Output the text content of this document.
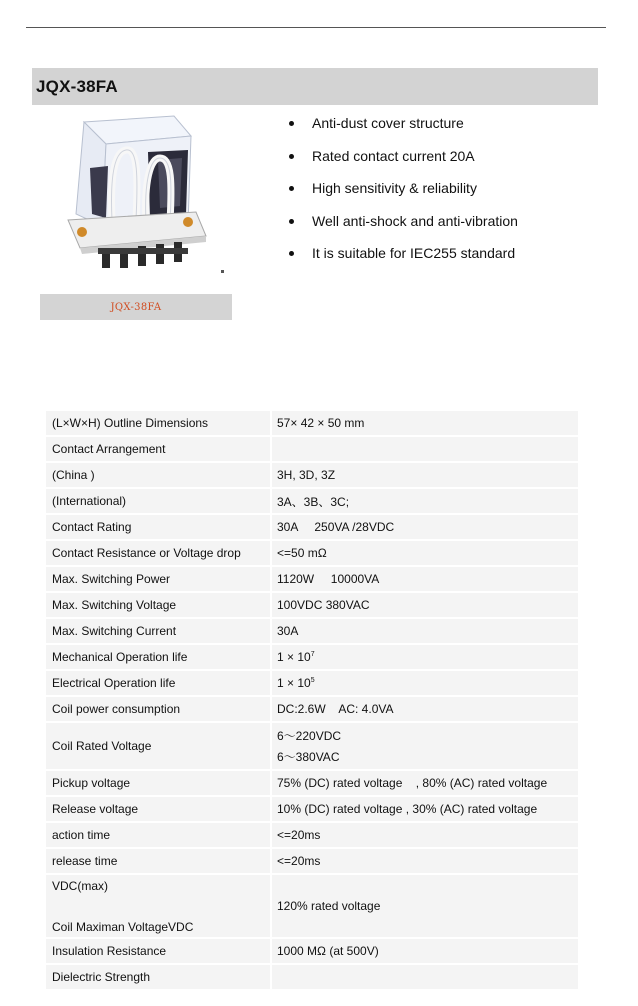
JQX-38FA
JQX-38FA
Anti-dust cover structure
Rated contact current 20A
High sensitivity & reliability
Well anti-shock and anti-vibration
It is suitable for IEC255 standard
(L×W×H) Outline Dimensions		57× 42 × 50 mm
Contact Arrangement		
(China )		3H, 3D, 3Z
(International)		3A、3B、3C;
Contact Rating		30A     250VA /28VDC
Contact Resistance or Voltage drop		<=50 mΩ
Max. Switching Power		1120W     10000VA
Max. Switching Voltage		100VDC 380VAC
Max. Switching Current		30A
Mechanical Operation life		$1 \times 10^7$
Electrical Operation life		$1 \times 10^5$
Coil power consumption		DC:2.6W    AC: 4.0VA
Coil Rated Voltage		6～220VDC
6～380VAC

Pickup voltage		75% (DC) rated voltage    , 80% (AC) rated voltage
Release voltage		10% (DC) rated voltage , 30% (AC) rated voltage
action time		<=20ms
release time		<=20ms

VDC(max)
Coil Maximan VoltageVDC		120% rated voltage
Insulation Resistance		1000 MΩ (at 500V)
Dielectric Strength		
